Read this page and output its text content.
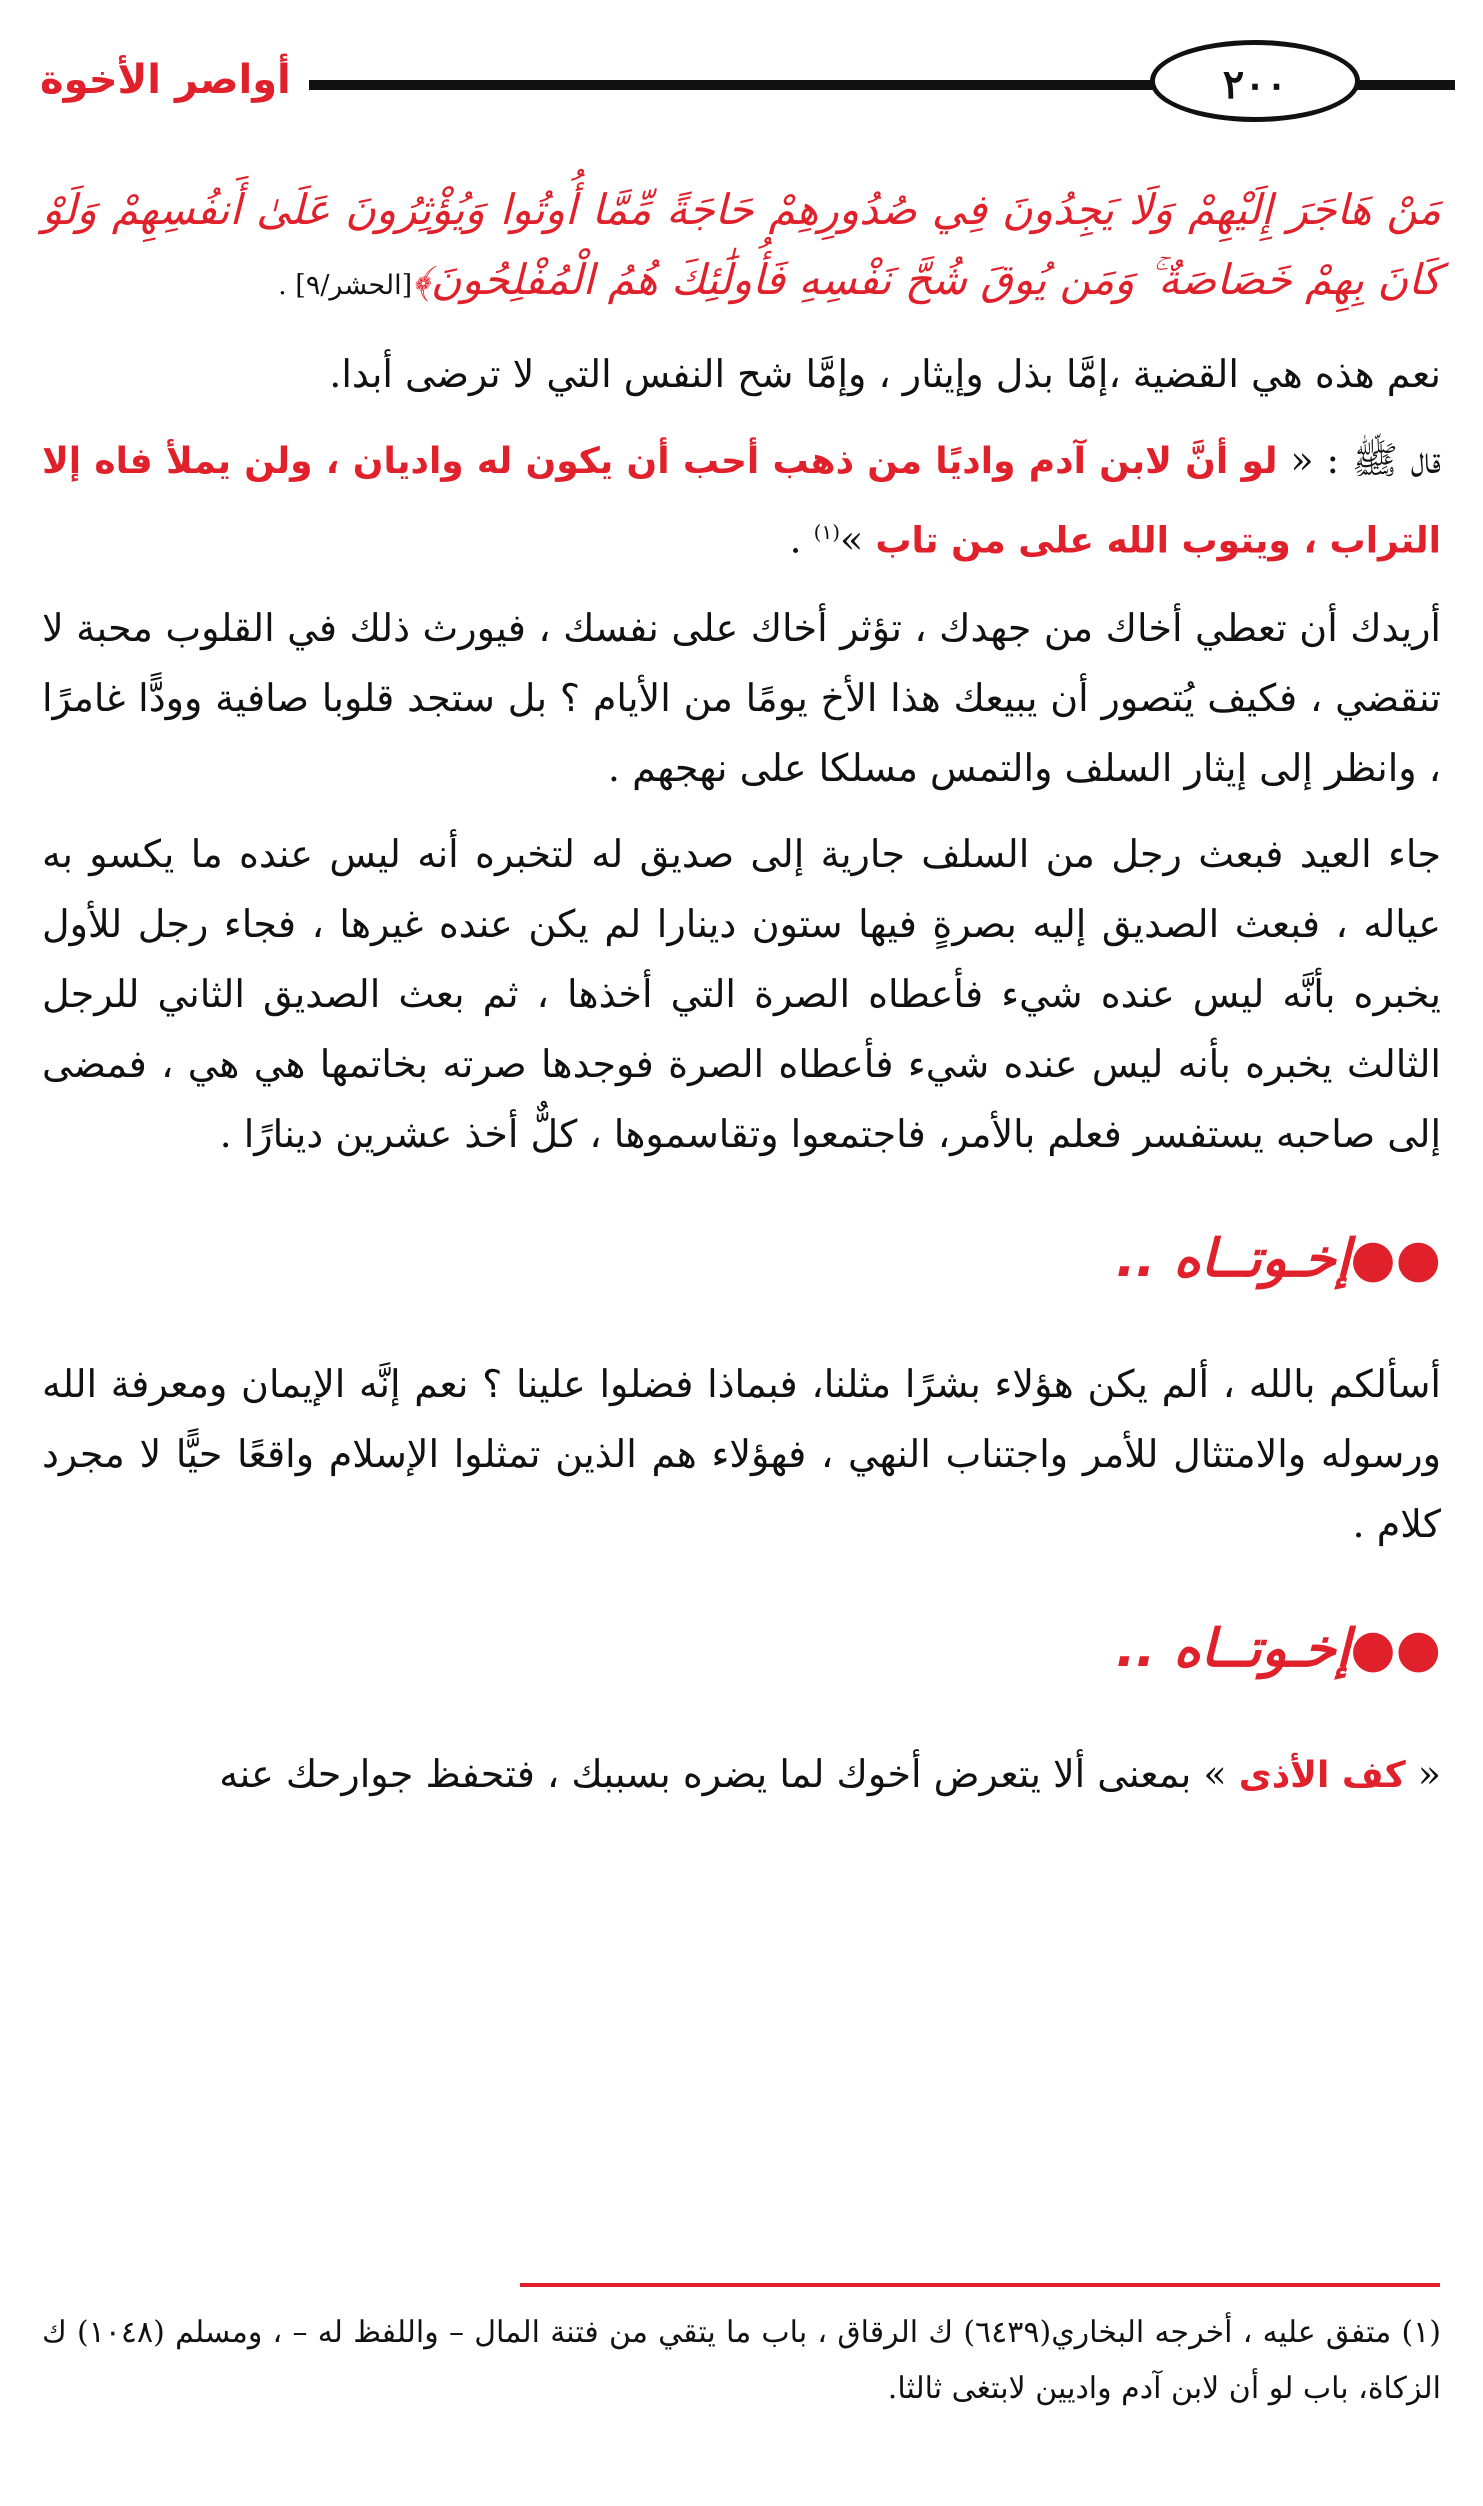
أواصر الأخوة	٢٠٠

مَنْ هَاجَرَ إِلَيْهِمْ وَلَا يَجِدُونَ فِي صُدُورِهِمْ حَاجَةً مِّمَّا أُوتُوا وَيُؤْثِرُونَ عَلَىٰ أَنفُسِهِمْ وَلَوْ كَانَ بِهِمْ خَصَاصَةٌ ۚ وَمَن يُوقَ شُحَّ نَفْسِهِ فَأُولَٰئِكَ هُمُ الْمُفْلِحُونَ﴾[الحشر/٩] .

نعم هذه هي القضية ،إمَّا بذل وإيثار ، وإمَّا شح النفس التي لا ترضى أبدا.

قال ﷺ : « لو أنَّ لابن آدم واديًا من ذهب أحب أن يكون له واديان ، ولن يملأ فاه إلا التراب ، ويتوب الله على من تاب »$^{(١)}$ .

أريدك أن تعطي أخاك من جهدك ، تؤثر أخاك على نفسك ، فيورث ذلك في القلوب محبة لا تنقضي ، فكيف يُتصور أن يبيعك هذا الأخ يومًا من الأيام ؟ بل ستجد قلوبا صافية وودًّا غامرًا ، وانظر إلى إيثار السلف والتمس مسلكا على نهجهم .

جاء العيد فبعث رجل من السلف جارية إلى صديق له لتخبره أنه ليس عنده ما يكسو به عياله ، فبعث الصديق إليه بصرةٍ فيها ستون دينارا لم يكن عنده غيرها ، فجاء رجل للأول يخبره بأنَّه ليس عنده شيء فأعطاه الصرة التي أخذها ، ثم بعث الصديق الثاني للرجل الثالث يخبره بأنه ليس عنده شيء فأعطاه الصرة فوجدها صرته بخاتمها هي هي ، فمضى إلى صاحبه يستفسر فعلم بالأمر، فاجتمعوا وتقاسموها ، كلٌّ أخذ عشرين دينارًا .

●●إخـوتــاه ..

أسألكم بالله ، ألم يكن هؤلاء بشرًا مثلنا، فبماذا فضلوا علينا ؟ نعم إنَّه الإيمان ومعرفة الله ورسوله والامتثال للأمر واجتناب النهي ، فهؤلاء هم الذين تمثلوا الإسلام واقعًا حيًّا لا مجرد كلام .

●●إخـوتــاه ..

« كف الأذى » بمعنى ألا يتعرض أخوك لما يضره بسببك ، فتحفظ جوارحك عنه

(١) متفق عليه ، أخرجه البخاري(٦٤٣٩) ك الرقاق ، باب ما يتقي من فتنة المال – واللفظ له – ، ومسلم (١٠٤٨) ك الزكاة، باب لو أن لابن آدم واديين لابتغى ثالثا.
